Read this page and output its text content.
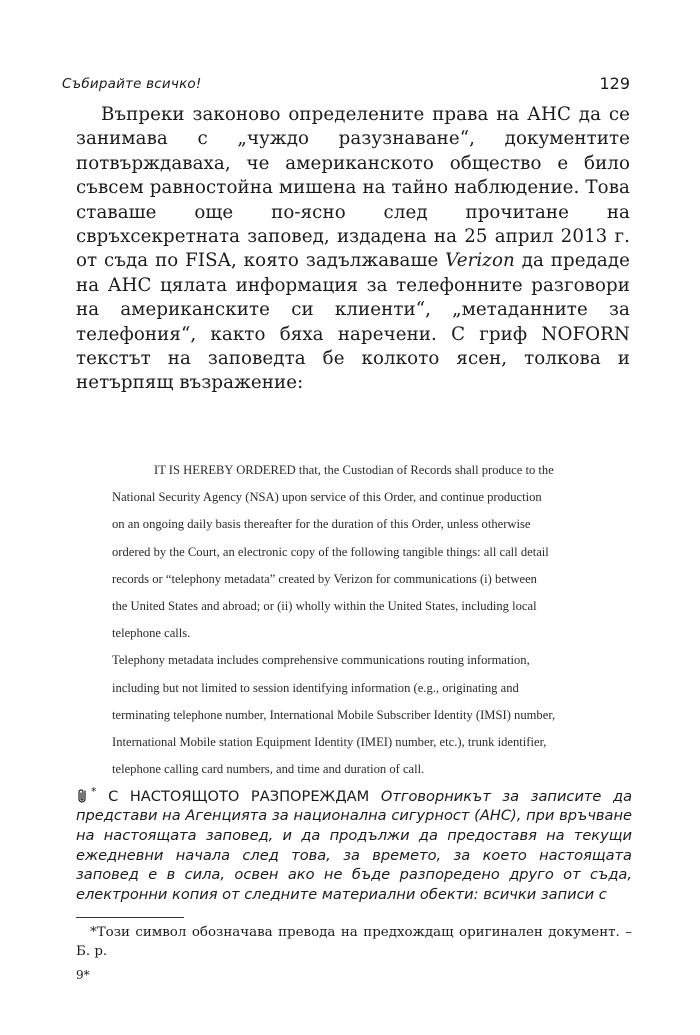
Събирайте всичко!	129

Въпреки законово определените права на АНС да се занимава с „чуждо разузнаване“, документите потвърждаваха, че американското общество е било съвсем равностойна мишена на тайно наблюдение. Това ставаше още по-ясно след прочитане на свръхсекретната заповед, издадена на 25 април 2013 г. от съда по FISA, която задължаваше Verizon да предаде на АНС цялата информация за телефонните разговори на американските си клиенти“, „метаданните за телефония“, както бяха наречени. С гриф NOFORN текстът на заповедта бе колкото ясен, толкова и нетърпящ възражение:

IT IS HEREBY ORDERED that, the Custodian of Records shall produce to the
National Security Agency (NSA) upon service of this Order, and continue production
on an ongoing daily basis thereafter for the duration of this Order, unless otherwise
ordered by the Court, an electronic copy of the following tangible things: all call detail
records or “telephony metadata” created by Verizon for communications (i) between
the United States and abroad; or (ii) wholly within the United States, including local
telephone calls.
Telephony metadata includes comprehensive communications routing information,
including but not limited to session identifying information (e.g., originating and
terminating telephone number, International Mobile Subscriber Identity (IMSI) number,
International Mobile station Equipment Identity (IMEI) number, etc.), trunk identifier,
telephone calling card numbers, and time and duration of call.
* С НАСТОЯЩОТО РАЗПОРЕЖДАМ Отговорникът за записите да представи на Агенцията за национална сигурност (АНС), при връчване на настоящата заповед, и да продължи да предоставя на текущи ежедневни начала след това, за времето, за което настоящата заповед е в сила, освен ако не бъде разпоредено друго от съда, електронни копия от следните материални обекти: всички записи с

*Този символ обозначава превода на предхождащ оригинален документ. – Б. р.

9*
